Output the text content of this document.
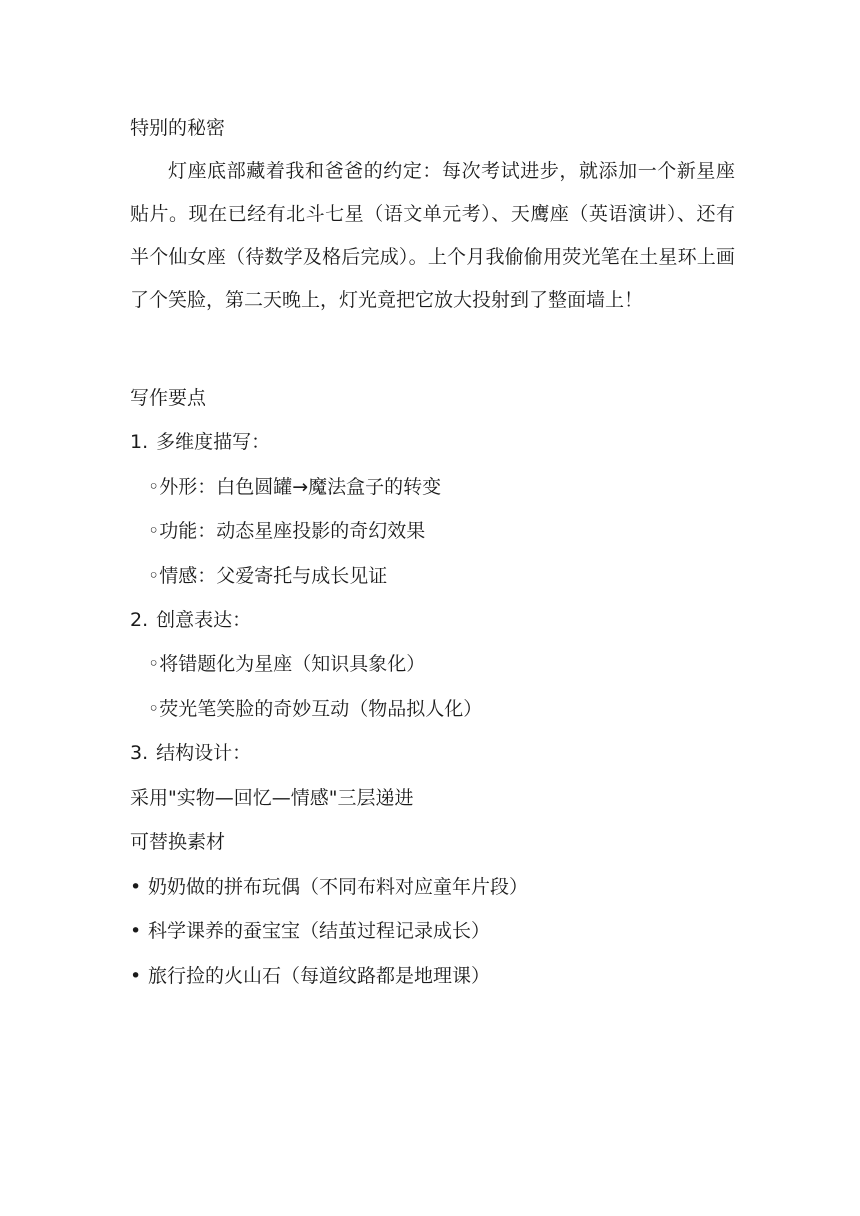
特别的秘密
灯座底部藏着我和爸爸的约定：每次考试进步，就添加一个新星座贴片。现在已经有北斗七星（语文单元考）、天鹰座（英语演讲）、还有半个仙女座（待数学及格后完成）。上个月我偷偷用荧光笔在土星环上画了个笑脸，第二天晚上，灯光竟把它放大投射到了整面墙上！
写作要点
1. 多维度描写：
◦外形：白色圆罐→魔法盒子的转变
◦功能：动态星座投影的奇幻效果
◦情感：父爱寄托与成长见证
2. 创意表达：
◦将错题化为星座（知识具象化）
◦荧光笔笑脸的奇妙互动（物品拟人化）
3. 结构设计：
采用"实物—回忆—情感"三层递进
可替换素材
• 奶奶做的拼布玩偶（不同布料对应童年片段）
• 科学课养的蚕宝宝（结茧过程记录成长）
• 旅行捡的火山石（每道纹路都是地理课）
